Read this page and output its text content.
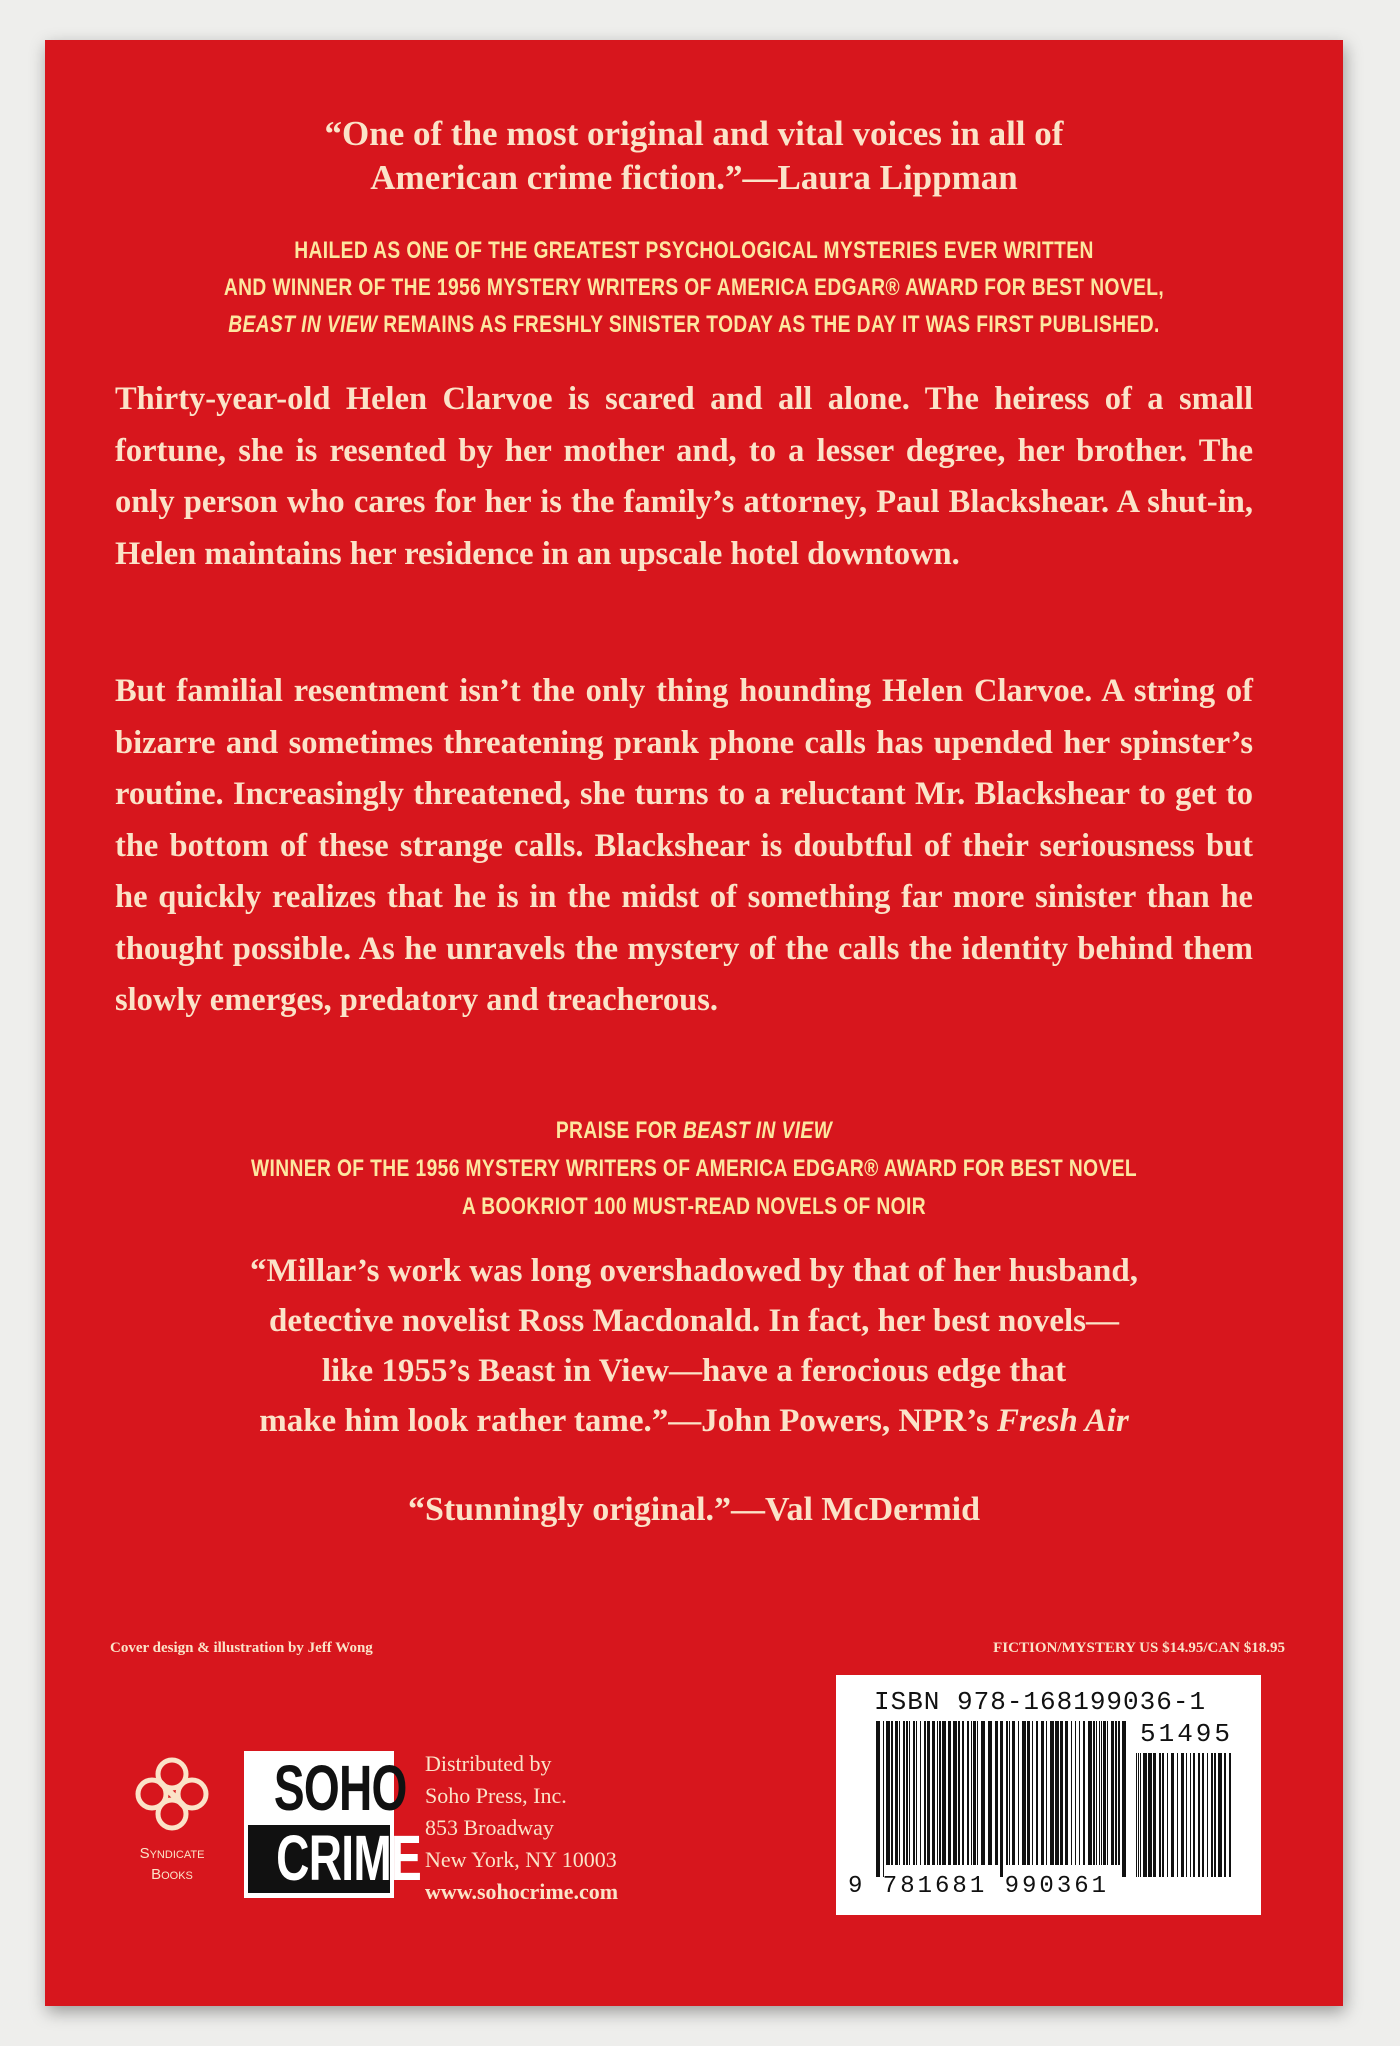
“One of the most original and vital voices in all of
American crime fiction.”—Laura Lippman
HAILED AS ONE OF THE GREATEST PSYCHOLOGICAL MYSTERIES EVER WRITTEN
AND WINNER OF THE 1956 MYSTERY WRITERS OF AMERICA EDGAR® AWARD FOR BEST NOVEL,
BEAST IN VIEW REMAINS AS FRESHLY SINISTER TODAY AS THE DAY IT WAS FIRST PUBLISHED.

Thirty-year-old Helen Clarvoe is scared and all alone. The heiress of a small fortune, she is resented by her mother and, to a lesser degree, her brother. The only person who cares for her is the family’s attorney, Paul Blackshear. A shut-in, Helen maintains her residence in an upscale hotel downtown.

But familial resentment isn’t the only thing hounding Helen Clarvoe. A string of bizarre and sometimes threatening prank phone calls has upended her spinster’s routine. Increasingly threatened, she turns to a reluctant Mr. Blackshear to get to the bottom of these strange calls. Blackshear is doubtful of their seriousness but he quickly realizes that he is in the midst of something far more sinister than he thought possible. As he unravels the mystery of the calls the identity behind them slowly emerges, predatory and treacherous.

PRAISE FOR BEAST IN VIEW
WINNER OF THE 1956 MYSTERY WRITERS OF AMERICA EDGAR® AWARD FOR BEST NOVEL
A BOOKRIOT 100 MUST-READ NOVELS OF NOIR
“Millar’s work was long overshadowed by that of her husband,
detective novelist Ross Macdonald. In fact, her best novels—
like 1955’s Beast in View—have a ferocious edge that
make him look rather tame.”—John Powers, NPR’s Fresh Air
“Stunningly original.”—Val McDermid
Cover design & illustration by Jeff Wong	FICTION/MYSTERY US $14.95/CAN $18.95
ISBN 978-168199036-1
51495
9 781681 990361
Syndicate
Books
SOHO
CRIME
Distributed by
Soho Press, Inc.
853 Broadway
New York, NY 10003
www.sohocrime.com
